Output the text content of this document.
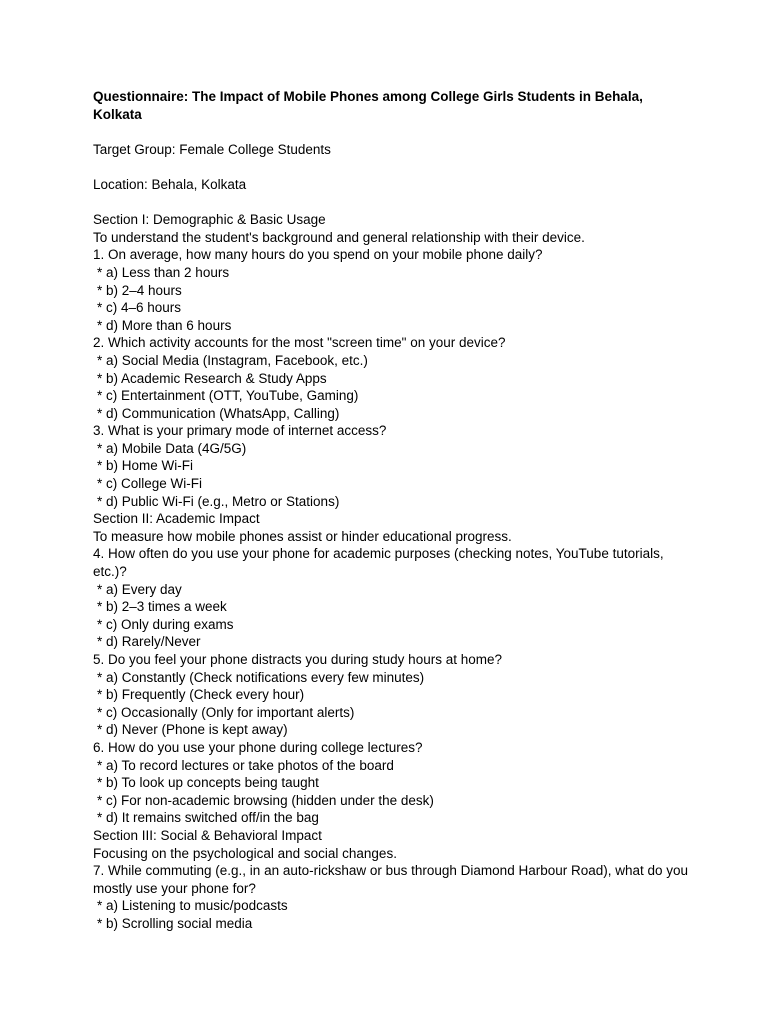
Questionnaire: The Impact of Mobile Phones among College Girls Students in Behala, Kolkata

Target Group: Female College Students

Location: Behala, Kolkata

Section I: Demographic & Basic Usage
To understand the student's background and general relationship with their device.
1. On average, how many hours do you spend on your mobile phone daily?
* a) Less than 2 hours
* b) 2–4 hours
* c) 4–6 hours
* d) More than 6 hours
2. Which activity accounts for the most "screen time" on your device?
* a) Social Media (Instagram, Facebook, etc.)
* b) Academic Research & Study Apps
* c) Entertainment (OTT, YouTube, Gaming)
* d) Communication (WhatsApp, Calling)
3. What is your primary mode of internet access?
* a) Mobile Data (4G/5G)
* b) Home Wi-Fi
* c) College Wi-Fi
* d) Public Wi-Fi (e.g., Metro or Stations)
Section II: Academic Impact
To measure how mobile phones assist or hinder educational progress.
4. How often do you use your phone for academic purposes (checking notes, YouTube tutorials, etc.)?
* a) Every day
* b) 2–3 times a week
* c) Only during exams
* d) Rarely/Never
5. Do you feel your phone distracts you during study hours at home?
* a) Constantly (Check notifications every few minutes)
* b) Frequently (Check every hour)
* c) Occasionally (Only for important alerts)
* d) Never (Phone is kept away)
6. How do you use your phone during college lectures?
* a) To record lectures or take photos of the board
* b) To look up concepts being taught
* c) For non-academic browsing (hidden under the desk)
* d) It remains switched off/in the bag
Section III: Social & Behavioral Impact
Focusing on the psychological and social changes.
7. While commuting (e.g., in an auto-rickshaw or bus through Diamond Harbour Road), what do you mostly use your phone for?
* a) Listening to music/podcasts
* b) Scrolling social media
